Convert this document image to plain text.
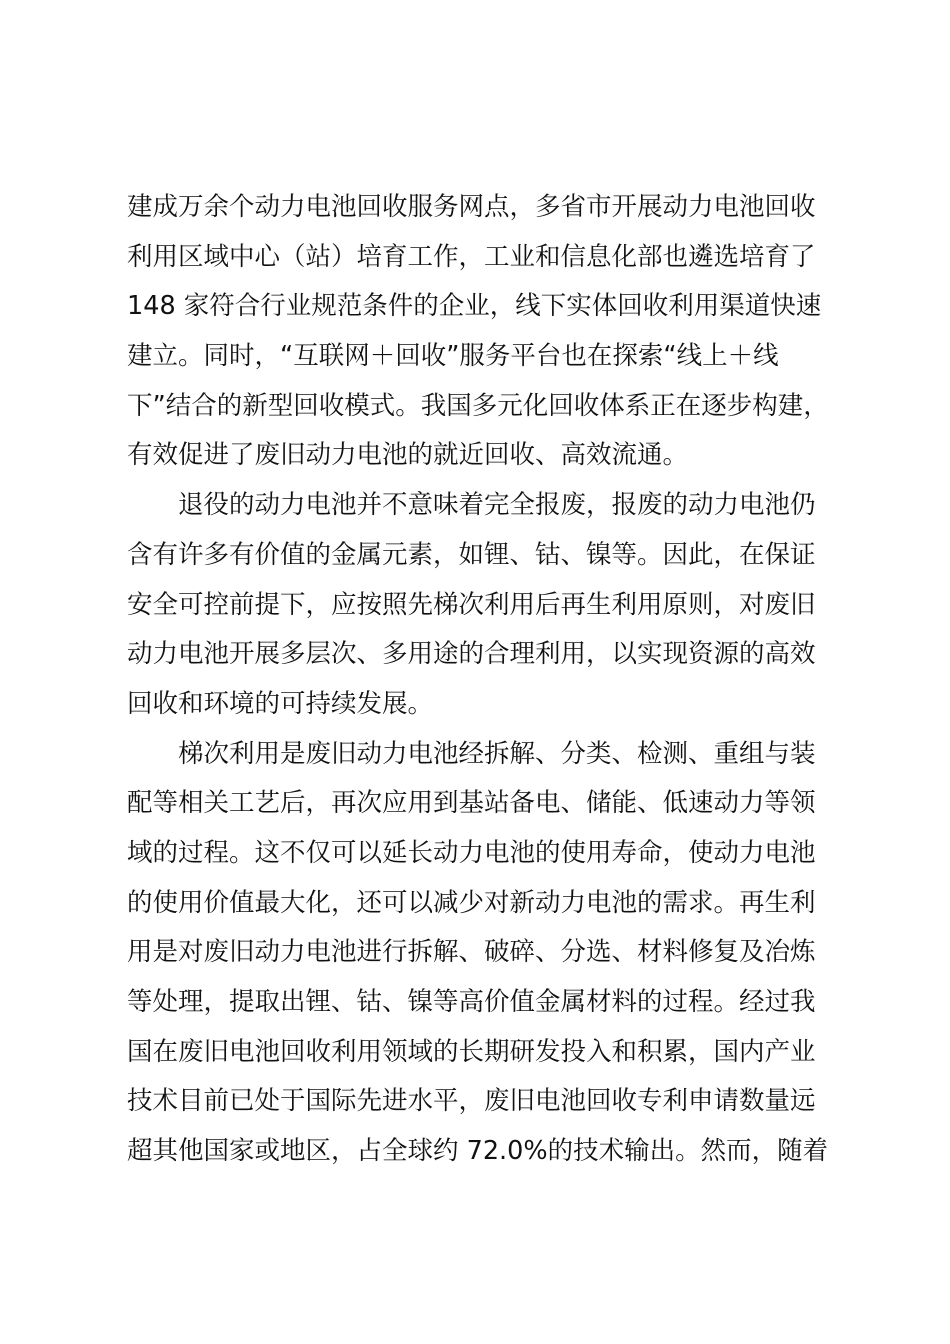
建成万余个动力电池回收服务网点，多省市开展动力电池回收
利用区域中心（站）培育工作，工业和信息化部也遴选培育了
148 家符合行业规范条件的企业，线下实体回收利用渠道快速
建立。同时，“互联网＋回收”服务平台也在探索“线上＋线
下”结合的新型回收模式。我国多元化回收体系正在逐步构建，
有效促进了废旧动力电池的就近回收、高效流通。
退役的动力电池并不意味着完全报废，报废的动力电池仍
含有许多有价值的金属元素，如锂、钴、镍等。因此，在保证
安全可控前提下，应按照先梯次利用后再生利用原则，对废旧
动力电池开展多层次、多用途的合理利用，以实现资源的高效
回收和环境的可持续发展。
梯次利用是废旧动力电池经拆解、分类、检测、重组与装
配等相关工艺后，再次应用到基站备电、储能、低速动力等领
域的过程。这不仅可以延长动力电池的使用寿命，使动力电池
的使用价值最大化，还可以减少对新动力电池的需求。再生利
用是对废旧动力电池进行拆解、破碎、分选、材料修复及冶炼
等处理，提取出锂、钴、镍等高价值金属材料的过程。经过我
国在废旧电池回收利用领域的长期研发投入和积累，国内产业
技术目前已处于国际先进水平，废旧电池回收专利申请数量远
超其他国家或地区，占全球约 72.0%的技术输出。然而，随着
